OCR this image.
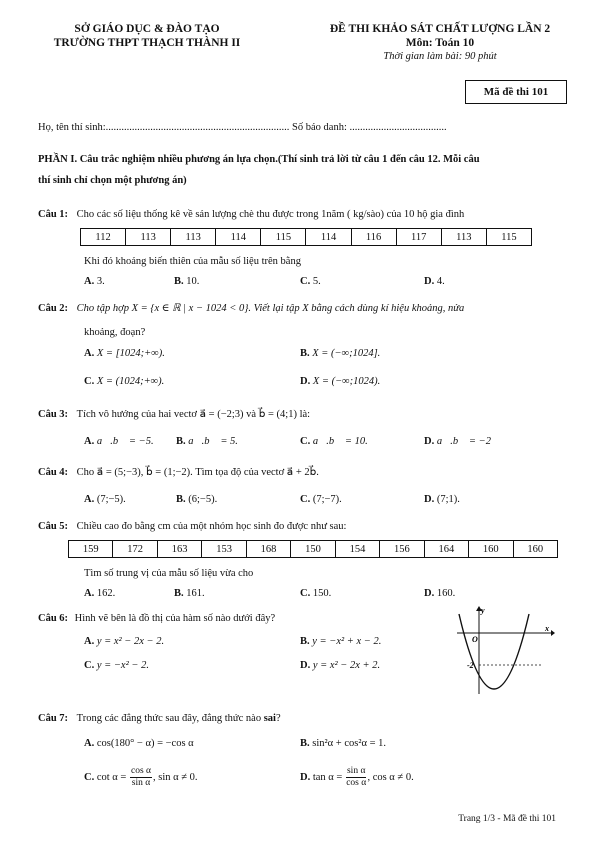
SỞ GIÁO DỤC & ĐÀO TẠO
TRƯỜNG THPT THẠCH THÀNH II
ĐỀ THI KHẢO SÁT CHẤT LƯỢNG LẦN 2
Môn: Toán 10
Thời gian làm bài: 90 phút
Mã đề thi 101
Họ, tên thí sinh:...................................................................... Số báo danh: .....................................
PHẦN I. Câu trắc nghiệm nhiều phương án lựa chọn.(Thí sinh trả lời từ câu 1 đến câu 12. Mỗi câu
thí sinh chỉ chọn một phương án)
Câu 1: Cho các số liệu thống kê về sản lượng chè thu được trong 1năm ( kg/sào) của 10 hộ gia đình
112	113	113	114	115	114	116	117	113	115
Khi đó khoảng biến thiên của mẫu số liệu trên bằng
A. 3.	B. 10.	C. 5.	D. 4.
Câu 2: Cho tập hợp X = {x ∈ ℝ | x − 1024 < 0}. Viết lại tập X bằng cách dùng kí hiệu khoảng, nửa
khoảng, đoạn?
A. X = [1024;+∞).	B. X = (−∞;1024].
C. X = (1024;+∞).	D. X = (−∞;1024).
Câu 3: Tích vô hướng của hai vectơ a⃗ = (−2;3) và b⃗ = (4;1) là:
A. a⃗.b⃗ = −5. B. a⃗.b⃗ = 5.	C. a⃗.b⃗ = 10.	D. a⃗.b⃗ = −2
Câu 4: Cho a⃗ = (5;−3), b⃗ = (1;−2). Tìm tọa độ của vectơ a⃗ + 2b⃗.
A. (7;−5).	B. (6;−5).	C. (7;−7).	D. (7;1).
Câu 5: Chiều cao đo bằng cm của một nhóm học sinh đo được như sau:
159	172	163	153	168	150	154	156	164	160	160
Tìm số trung vị của mẫu số liệu vừa cho
A. 162.	B. 161.	C. 150.	D. 160.
Câu 6: Hình vẽ bên là đồ thị của hàm số nào dưới đây?
A. y = x² − 2x − 2.	B. y = −x² + x − 2.
C. y = −x² − 2.	D. y = x² − 2x + 2.
y
x
O
-2
Câu 7: Trong các đẳng thức sau đây, đẳng thức nào sai?
A. cos(180° − α) = −cos α	B. sin²α + cos²α = 1.
C. $\cot \alpha = \frac{\text{cos α}}{\text{sin α}}$ , sin α ≠ 0.	D. $\tan \alpha = \frac{\text{sin α}}{\text{cos α}}$ , cos α ≠ 0.
Trang 1/3 - Mã đề thi 101
